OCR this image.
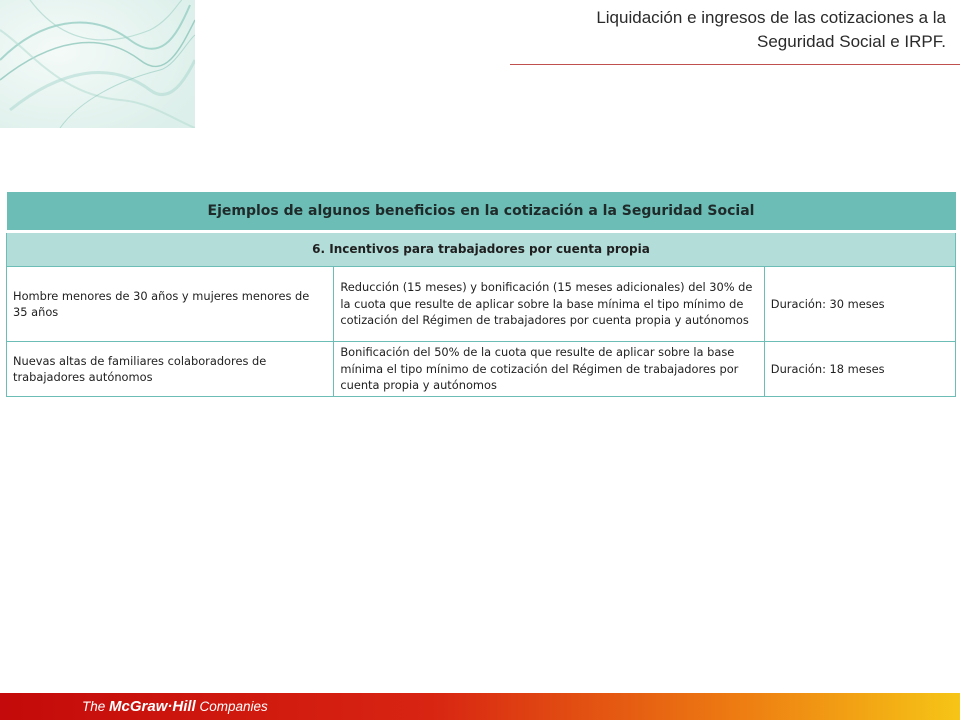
Liquidación e ingresos de las cotizaciones a la
Seguridad Social e IRPF.
Ejemplos de algunos beneficios en la cotización a la Seguridad Social		
6. Incentivos para trabajadores por cuenta propia		
Hombre menores de 30 años y mujeres menores de 35 años	Reducción (15 meses) y bonificación (15 meses adicionales) del 30% de la cuota que resulte de aplicar sobre la base mínima el tipo mínimo de cotización del Régimen de trabajadores por cuenta propia y autónomos	Duración: 30 meses
Nuevas altas de familiares colaboradores de trabajadores autónomos	Bonificación del 50% de la cuota que resulte de aplicar sobre la base mínima el tipo mínimo de cotización del Régimen de trabajadores por cuenta propia y autónomos	Duración: 18 meses
The McGraw·Hill Companies
